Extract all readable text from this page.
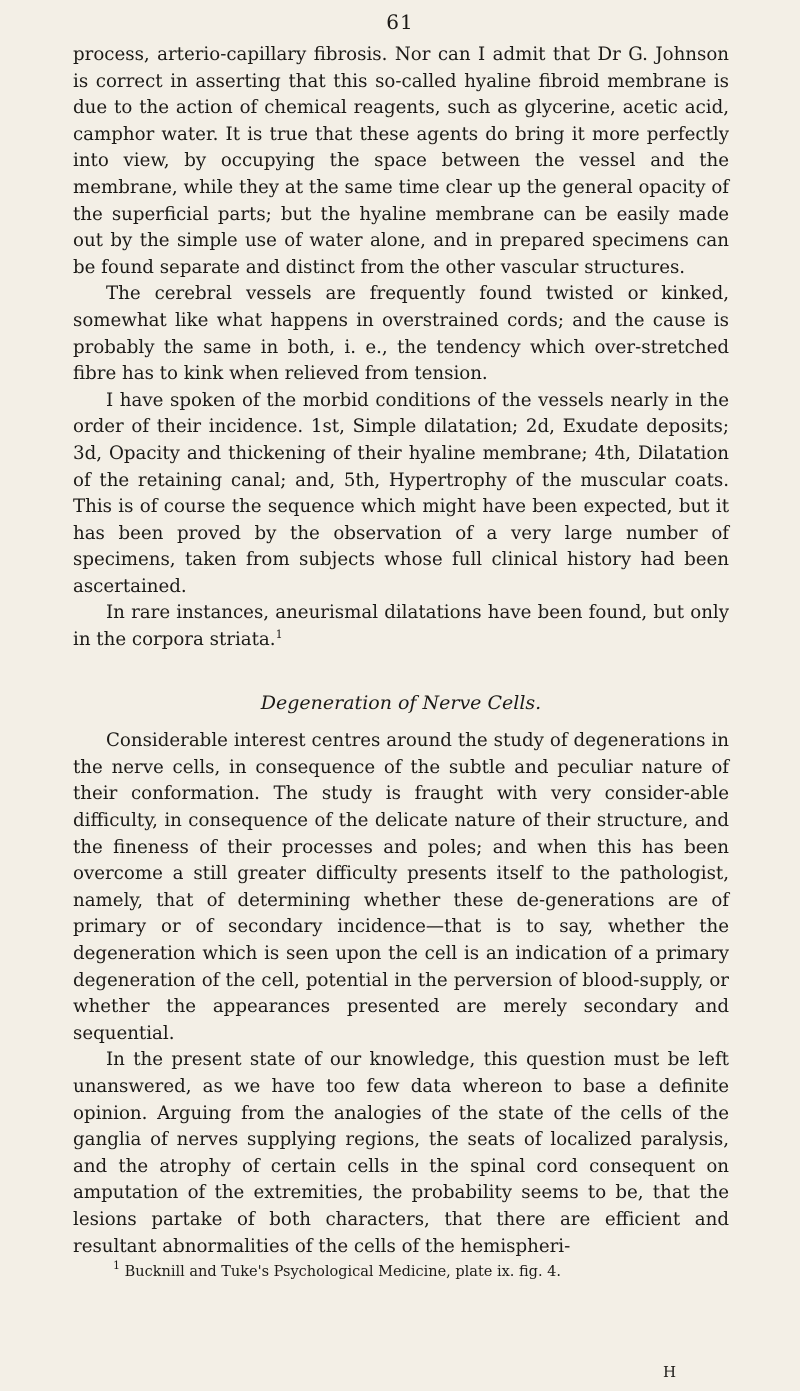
61

process, arterio-capillary fibrosis. Nor can I admit that Dr G. Johnson is correct in asserting that this so-called hyaline fibroid membrane is due to the action of chemical reagents, such as glycerine, acetic acid, camphor water. It is true that these agents do bring it more perfectly into view, by occupying the space between the vessel and the membrane, while they at the same time clear up the general opacity of the superficial parts; but the hyaline membrane can be easily made out by the simple use of water alone, and in prepared specimens can be found separate and distinct from the other vascular structures.

The cerebral vessels are frequently found twisted or kinked, somewhat like what happens in overstrained cords; and the cause is probably the same in both, i. e., the tendency which over-stretched fibre has to kink when relieved from tension.

I have spoken of the morbid conditions of the vessels nearly in the order of their incidence. 1st, Simple dilatation; 2d, Exudate deposits; 3d, Opacity and thickening of their hyaline membrane; 4th, Dilatation of the retaining canal; and, 5th, Hypertrophy of the muscular coats. This is of course the sequence which might have been expected, but it has been proved by the observation of a very large number of specimens, taken from subjects whose full clinical history had been ascertained.

In rare instances, aneurismal dilatations have been found, but only in the corpora striata.$^1$

Degeneration of Nerve Cells.

Considerable interest centres around the study of degenerations in the nerve cells, in consequence of the subtle and peculiar nature of their conformation. The study is fraught with very consider-able difficulty, in consequence of the delicate nature of their structure, and the fineness of their processes and poles; and when this has been overcome a still greater difficulty presents itself to the pathologist, namely, that of determining whether these de-generations are of primary or of secondary incidence—that is to say, whether the degeneration which is seen upon the cell is an indication of a primary degeneration of the cell, potential in the perversion of blood-supply, or whether the appearances presented are merely secondary and sequential.

In the present state of our knowledge, this question must be left unanswered, as we have too few data whereon to base a definite opinion. Arguing from the analogies of the state of the cells of the ganglia of nerves supplying regions, the seats of localized paralysis, and the atrophy of certain cells in the spinal cord consequent on amputation of the extremities, the probability seems to be, that the lesions partake of both characters, that there are efficient and resultant abnormalities of the cells of the hemispheri-

$^1$ Bucknill and Tuke's Psychological Medicine, plate ix. fig. 4.

H
